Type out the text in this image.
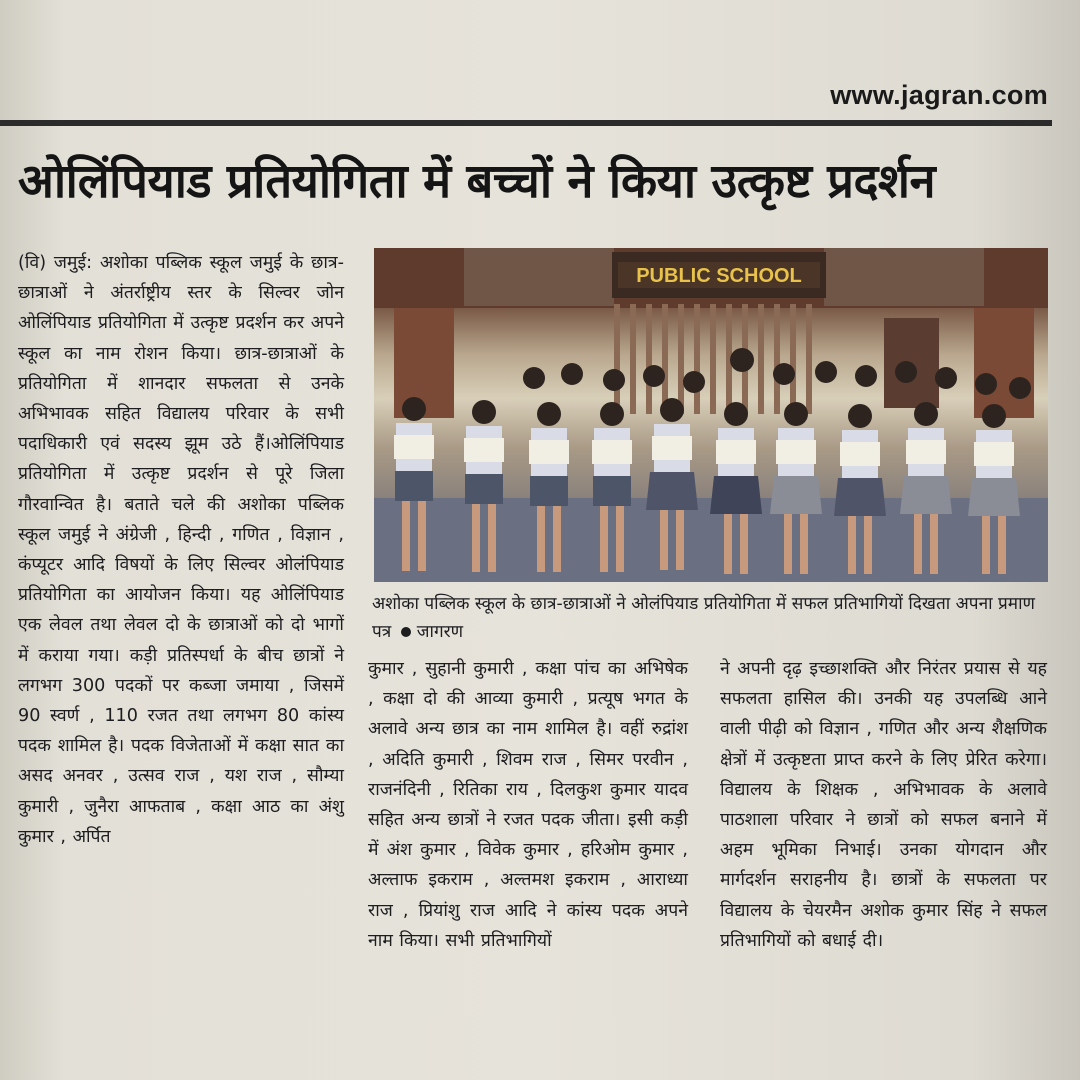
www.jagran.com
ओलिंपियाड प्रतियोगिता में बच्चों ने किया उत्कृष्ट प्रदर्शन
(वि) जमुई: अशोका पब्लिक स्कूल जमुई के छात्र-छात्राओं ने अंतर्राष्ट्रीय स्तर के सिल्वर जोन ओलिंपियाड प्रतियोगिता में उत्कृष्ट प्रदर्शन कर अपने स्कूल का नाम रोशन किया। छात्र-छात्राओं के प्रतियोगिता में शानदार सफलता से उनके अभिभावक सहित विद्यालय परिवार के सभी पदाधिकारी एवं सदस्य झूम उठे हैं।ओलिंपियाड प्रतियोगिता में उत्कृष्ट प्रदर्शन से पूरे जिला गौरवान्वित है। बताते चले की अशोका पब्लिक स्कूल जमुई ने अंग्रेजी , हिन्दी , गणित , विज्ञान , कंप्यूटर आदि विषयों के लिए सिल्वर ओलंपियाड प्रतियोगिता का आयोजन किया। यह ओलिंपियाड एक लेवल तथा लेवल दो के छात्राओं को दो भागों में कराया गया। कड़ी प्रतिस्पर्धा के बीच छात्रों ने लगभग 300 पदकों पर कब्जा जमाया , जिसमें 90 स्वर्ण , 110 रजत तथा लगभग 80 कांस्य पदक शामिल है। पदक विजेताओं में कक्षा सात का असद अनवर , उत्सव राज , यश राज , सौम्या कुमारी , जुनैरा आफताब , कक्षा आठ का अंशु कुमार , अर्पित
PUBLIC SCHOOL
अशोका पब्लिक स्कूल के छात्र-छात्राओं ने ओलंपियाड प्रतियोगिता में सफल प्रतिभागियों दिखता अपना प्रमाण पत्र जागरण
कुमार , सुहानी कुमारी , कक्षा पांच का अभिषेक , कक्षा दो की आव्या कुमारी , प्रत्यूष भगत के अलावे अन्य छात्र का नाम शामिल है। वहीं रुद्रांश , अदिति कुमारी , शिवम राज , सिमर परवीन , राजनंदिनी , रितिका राय , दिलकुश कुमार यादव सहित अन्य छात्रों ने रजत पदक जीता। इसी कड़ी में अंश कुमार , विवेक कुमार , हरिओम कुमार , अल्ताफ इकराम , अल्तमश इकराम , आराध्या राज , प्रियांशु राज आदि ने कांस्य पदक अपने नाम किया। सभी प्रतिभागियों
ने अपनी दृढ़ इच्छाशक्ति और निरंतर प्रयास से यह सफलता हासिल की। उनकी यह उपलब्धि आने वाली पीढ़ी को विज्ञान , गणित और अन्य शैक्षणिक क्षेत्रों में उत्कृष्टता प्राप्त करने के लिए प्रेरित करेगा। विद्यालय के शिक्षक , अभिभावक के अलावे पाठशाला परिवार ने छात्रों को सफल बनाने में अहम भूमिका निभाई। उनका योगदान और मार्गदर्शन सराहनीय है। छात्रों के सफलता पर विद्यालय के चेयरमैन अशोक कुमार सिंह ने सफल प्रतिभागियों को बधाई दी।
